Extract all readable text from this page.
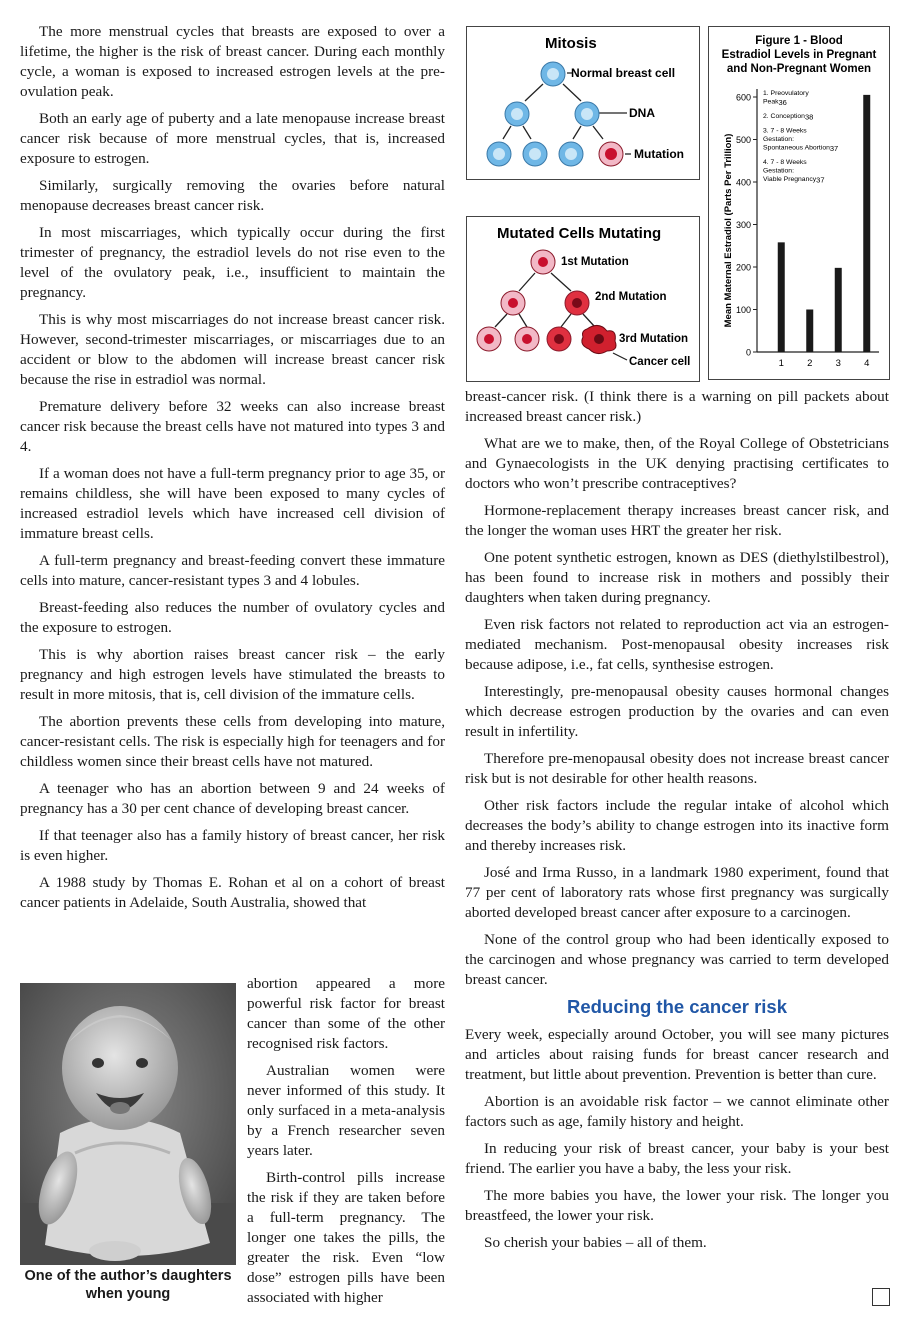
The more menstrual cycles that breasts are exposed to over a lifetime, the higher is the risk of breast cancer. During each monthly cycle, a woman is exposed to increased estrogen levels at the pre-ovulation peak.

Both an early age of puberty and a late menopause increase breast cancer risk because of more menstrual cycles, that is, increased exposure to estrogen.

Similarly, surgically removing the ovaries before natural menopause decreases breast cancer risk.

In most miscarriages, which typically occur during the first trimester of pregnancy, the estradiol levels do not rise even to the level of the ovulatory peak, i.e., insufficient to maintain the pregnancy.

This is why most miscarriages do not increase breast cancer risk. However, second-trimester miscarriages, or miscarriages due to an accident or blow to the abdomen will increase breast cancer risk because the rise in estradiol was normal.

Premature delivery before 32 weeks can also increase breast cancer risk because the breast cells have not matured into types 3 and 4.

If a woman does not have a full-term pregnancy prior to age 35, or remains childless, she will have been exposed to many cycles of increased estradiol levels which have increased cell division of immature breast cells.

A full-term pregnancy and breast-feeding convert these immature cells into mature, cancer-resistant types 3 and 4 lobules.

Breast-feeding also reduces the number of ovulatory cycles and the exposure to estrogen.

This is why abortion raises breast cancer risk – the early pregnancy and high estrogen levels have stimulated the breasts to result in more mitosis, that is, cell division of the immature cells.

The abortion prevents these cells from developing into mature, cancer-resistant cells. The risk is especially high for teenagers and for childless women since their breast cells have not matured.

A teenager who has an abortion between 9 and 24 weeks of pregnancy has a 30 per cent chance of developing breast cancer.

If that teenager also has a family history of breast cancer, her risk is even higher.

A 1988 study by Thomas E. Rohan et al on a cohort of breast cancer patients in Adelaide, South Australia, showed that

One of the author’s daughters when young

abortion appeared a more powerful risk factor for breast cancer than some of the other recognised risk factors.

Australian women were never informed of this study. It only surfaced in a meta-analysis by a French researcher seven years later.

Birth-control pills increase the risk if they are taken before a full-term pregnancy. The longer one takes the pills, the greater the risk. Even “low dose” estrogen pills have been associated with higher

Mitosis
Normal breast cell
DNA
Mutation
Mutated Cells Mutating
1st Mutation
2nd Mutation
3rd Mutation
Cancer cell
Figure 1 - Blood
Estradiol Levels in Pregnant
and Non-Pregnant Women
0
100
200
300
400
500
600
Mean Maternal Estradiol (Parts Per Trillion)
1 2 3 4
1. Preovulatory
Peak36
2. Conception38
3. 7 - 8 Weeks
Gestation:
Spontaneous Abortion37
4. 7 - 8 Weeks
Gestation:
Viable Pregnancy37

breast-cancer risk. (I think there is a warning on pill packets about increased breast cancer risk.)

What are we to make, then, of the Royal College of Obstetricians and Gynaecologists in the UK denying practising certificates to doctors who won’t prescribe contraceptives?

Hormone-replacement therapy increases breast cancer risk, and the longer the woman uses HRT the greater her risk.

One potent synthetic estrogen, known as DES (diethylstilbestrol), has been found to increase risk in mothers and possibly their daughters when taken during pregnancy.

Even risk factors not related to reproduction act via an estrogen-mediated mechanism. Post-menopausal obesity increases risk because adipose, i.e., fat cells, synthesise estrogen.

Interestingly, pre-menopausal obesity causes hormonal changes which decrease estrogen production by the ovaries and can even result in infertility.

Therefore pre-menopausal obesity does not increase breast cancer risk but is not desirable for other health reasons.

Other risk factors include the regular intake of alcohol which decreases the body’s ability to change estrogen into its inactive form and thereby increases risk.

José and Irma Russo, in a landmark 1980 experiment, found that 77 per cent of laboratory rats whose first pregnancy was surgically aborted developed breast cancer after exposure to a carcinogen.

None of the control group who had been identically exposed to the carcinogen and whose pregnancy was carried to term developed breast cancer.

Reducing the cancer risk

Every week, especially around October, you will see many pictures and articles about raising funds for breast cancer research and treatment, but little about prevention. Prevention is better than cure.

Abortion is an avoidable risk factor – we cannot eliminate other factors such as age, family history and height.

In reducing your risk of breast cancer, your baby is your best friend. The earlier you have a baby, the less your risk.

The more babies you have, the lower your risk. The longer you breastfeed, the lower your risk.

So cherish your babies – all of them.
